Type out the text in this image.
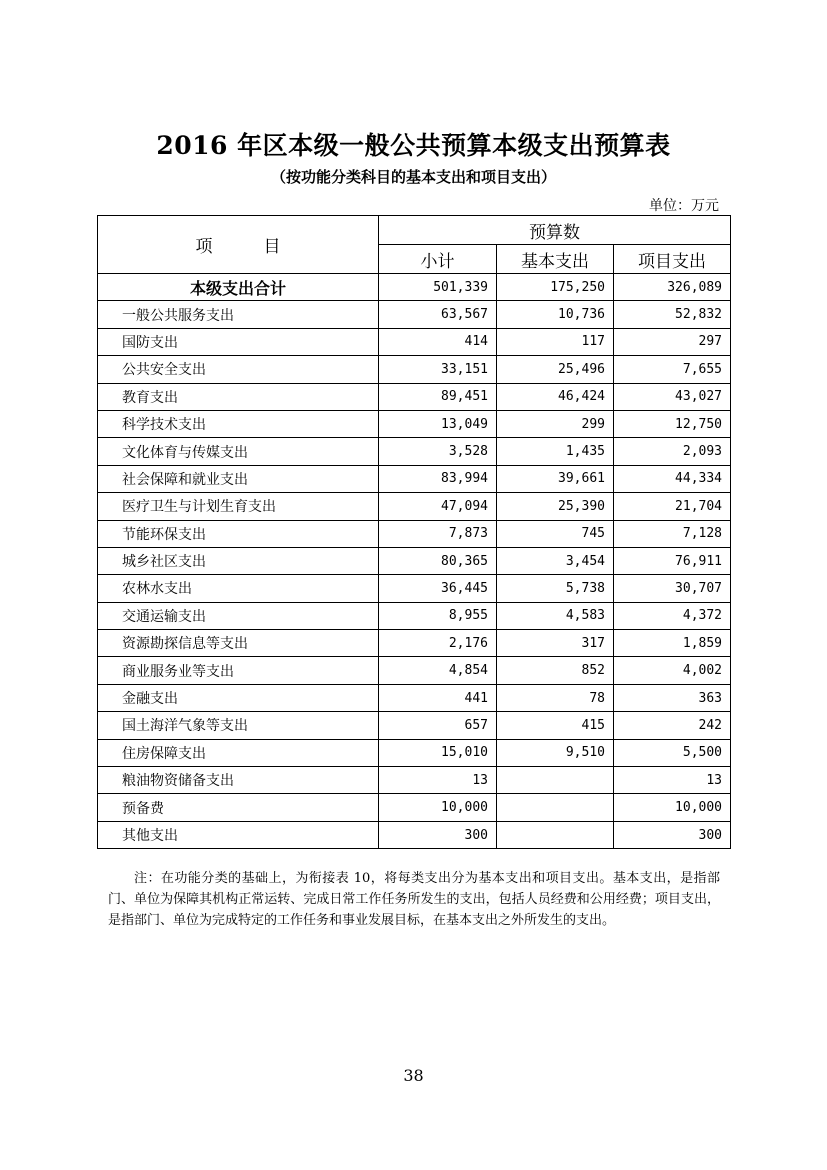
2016 年区本级一般公共预算本级支出预算表
（按功能分类科目的基本支出和项目支出）
单位：万元
项　　　目	预算数		
	小计	基本支出	项目支出
本级支出合计	501,339	175,250	326,089
一般公共服务支出	63,567	10,736	52,832
国防支出	414	117	297
公共安全支出	33,151	25,496	7,655
教育支出	89,451	46,424	43,027
科学技术支出	13,049	299	12,750
文化体育与传媒支出	3,528	1,435	2,093
社会保障和就业支出	83,994	39,661	44,334
医疗卫生与计划生育支出	47,094	25,390	21,704
节能环保支出	7,873	745	7,128
城乡社区支出	80,365	3,454	76,911
农林水支出	36,445	5,738	30,707
交通运输支出	8,955	4,583	4,372
资源勘探信息等支出	2,176	317	1,859
商业服务业等支出	4,854	852	4,002
金融支出	441	78	363
国土海洋气象等支出	657	415	242
住房保障支出	15,010	9,510	5,500
粮油物资储备支出	13		13
预备费	10,000		10,000
其他支出	300		300
注：在功能分类的基础上，为衔接表 10，将每类支出分为基本支出和项目支出。基本支出，是指部门、单位为保障其机构正常运转、完成日常工作任务所发生的支出，包括人员经费和公用经费；项目支出，是指部门、单位为完成特定的工作任务和事业发展目标，在基本支出之外所发生的支出。
38
